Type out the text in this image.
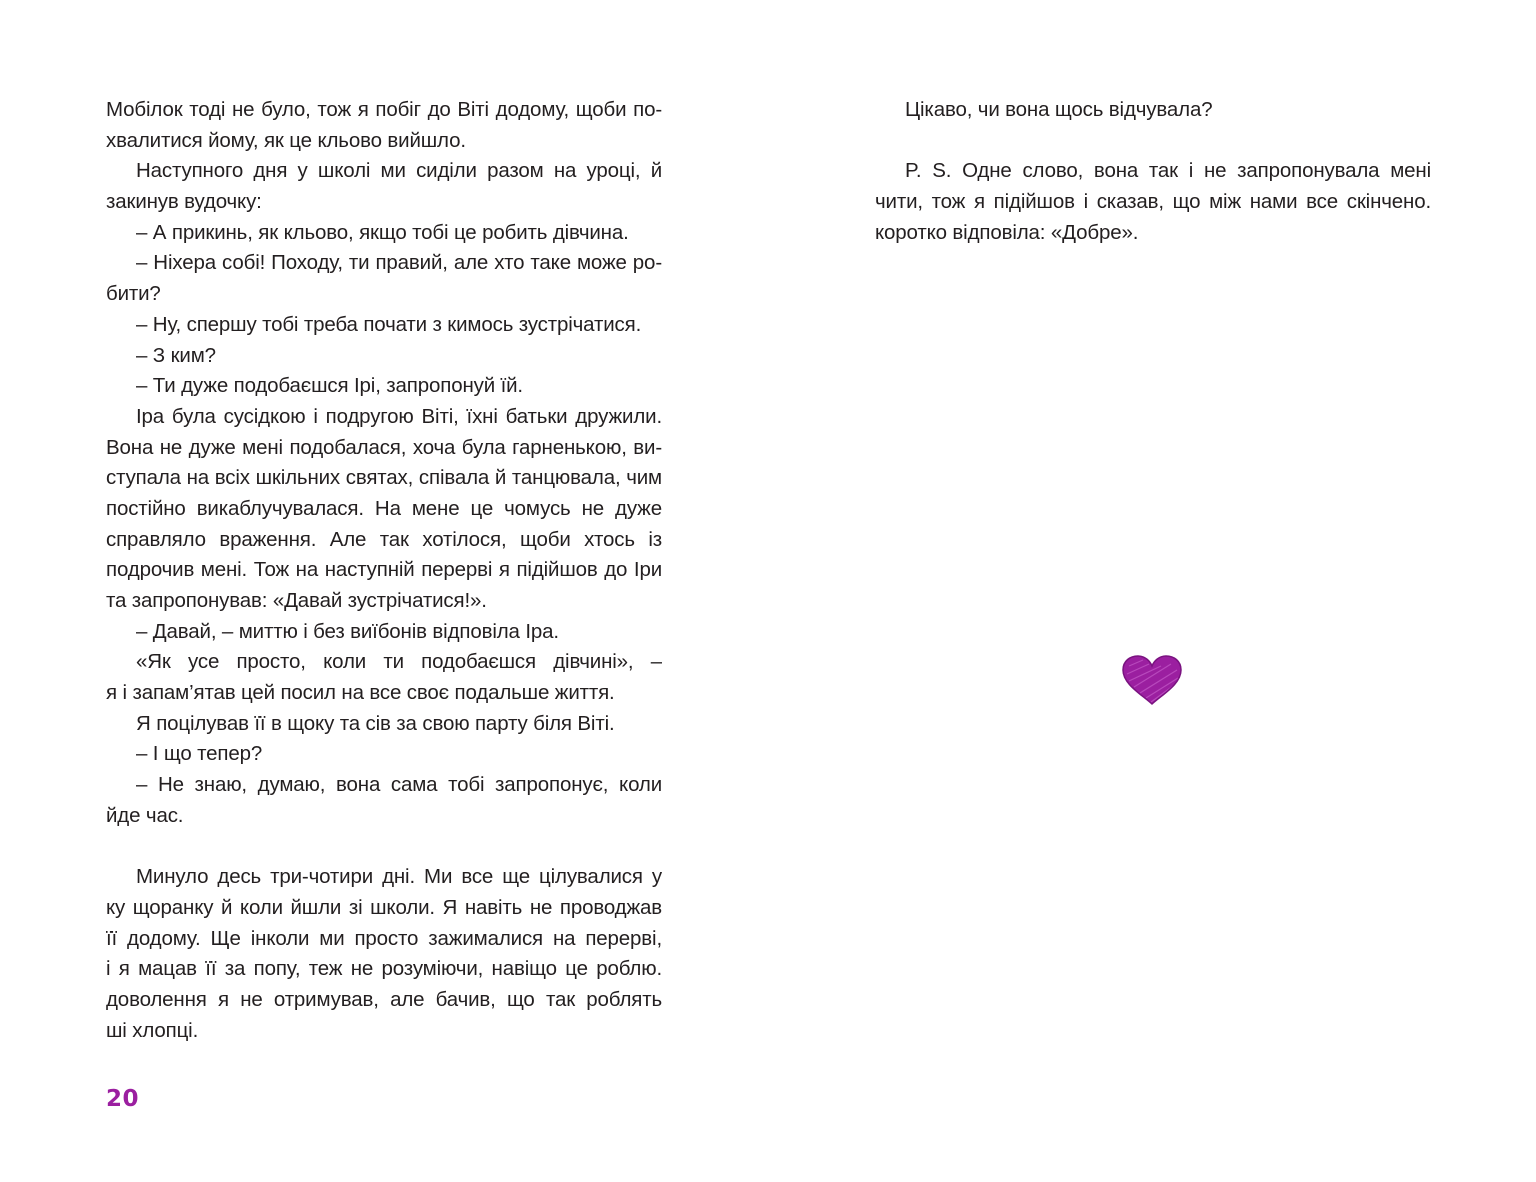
Мобілок тоді не було, тож я побіг до Віті додому, щоби по-
хвалитися йому, як це кльово вийшло.
Наступного дня у школі ми сиділи разом на уроці, й
закинув вудочку:
– А прикинь, як кльово, якщо тобі це робить дівчина.
– Ніхера собі! Походу, ти правий, але хто таке може ро-
бити?
– Ну, спершу тобі треба почати з кимось зустрічатися.
– З ким?
– Ти дуже подобаєшся Ірі, запропонуй їй.
Іра була сусідкою і подругою Віті, їхні батьки дружили.
Вона не дуже мені подобалася, хоча була гарненькою, ви-
ступала на всіх шкільних святах, співала й танцювала, чим
постійно викаблучувалася. На мене це чомусь не дуже
справляло враження. Але так хотілося, щоби хтось із
подрочив мені. Тож на наступній перерві я підійшов до Іри
та запропонував: «Давай зустрічатися!».
– Давай, – миттю і без виїбонів відповіла Іра.
«Як усе просто, коли ти подобаєшся дівчині», –
я і запам’ятав цей посил на все своє подальше життя.
Я поцілував її в щоку та сів за свою парту біля Віті.
– І що тепер?
– Не знаю, думаю, вона сама тобі запропонує, коли
йде час.
Минуло десь три-чотири дні. Ми все ще цілувалися у
ку щоранку й коли йшли зі школи. Я навіть не проводжав
її додому. Ще інколи ми просто зажималися на перерві,
і я мацав її за попу, теж не розуміючи, навіщо це роблю.
доволення я не отримував, але бачив, що так роблять
ші хлопці.
20
Цікаво, чи вона щось відчувала?
P. S. Одне слово, вона так і не запропонувала мені
чити, тож я підійшов і сказав, що між нами все скінчено.
коротко відповіла: «Добре».
